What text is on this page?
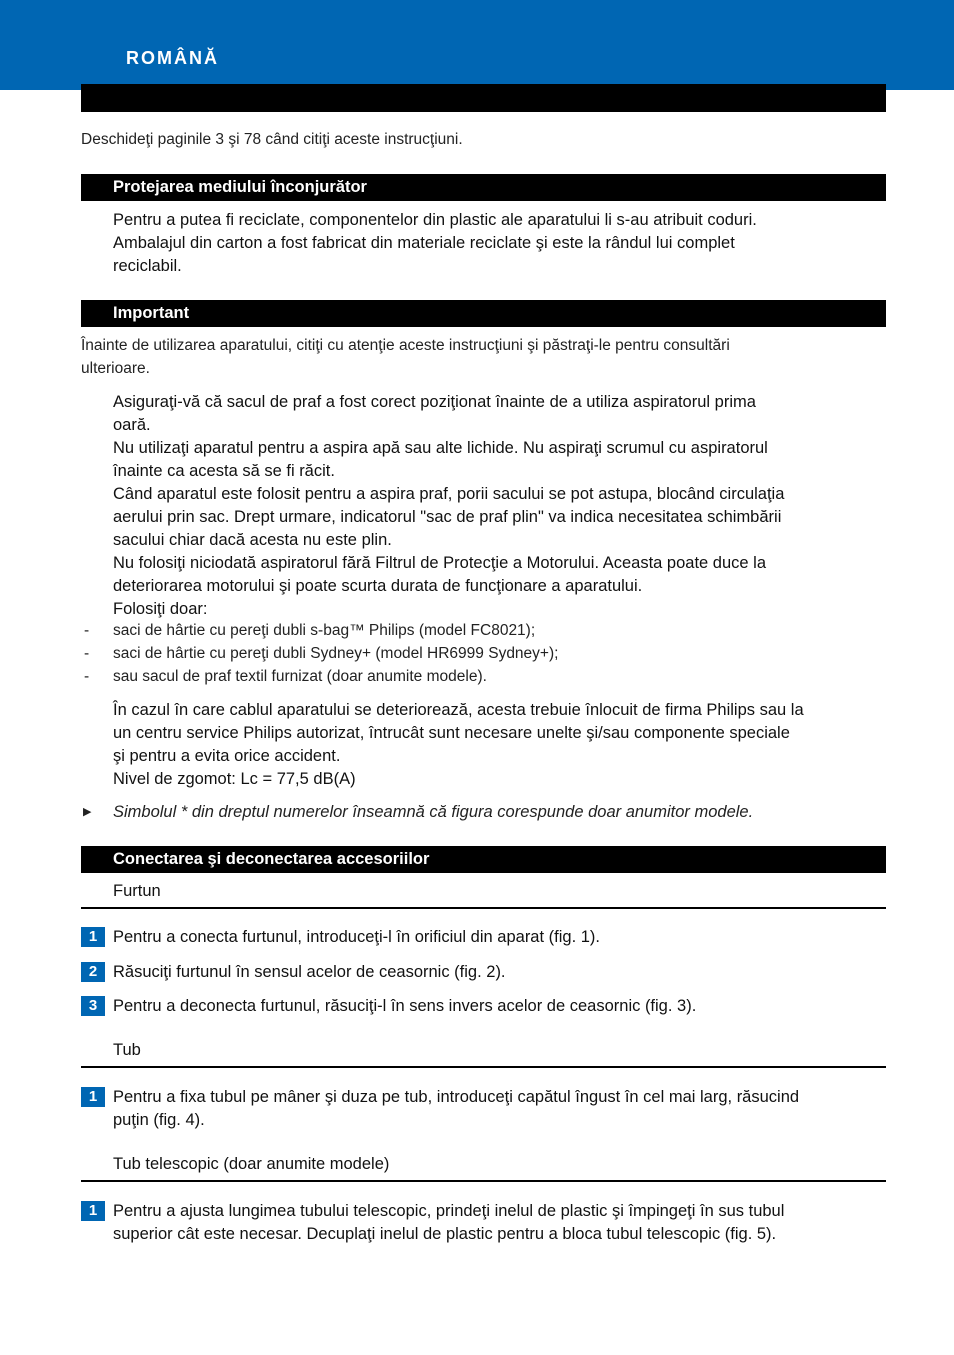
ROMÂNĂ
Deschideţi paginile 3 şi 78 când citiţi aceste instrucţiuni.
Protejarea mediului înconjurător

Pentru a putea fi reciclate, componentelor din plastic ale aparatului li s-au atribuit coduri.

Ambalajul din carton a fost fabricat din materiale reciclate şi este la rândul lui complet

reciclabil.

Important

Înainte de utilizarea aparatului, citiţi cu atenţie aceste instrucţiuni şi păstraţi-le pentru consultări

ulterioare.

Asiguraţi-vă că sacul de praf a fost corect poziţionat înainte de a utiliza aspiratorul prima

oară.

Nu utilizaţi aparatul pentru a aspira apă sau alte lichide. Nu aspiraţi scrumul cu aspiratorul

înainte ca acesta să se fi răcit.

Când aparatul este folosit pentru a aspira praf, porii sacului se pot astupa, blocând circulaţia

aerului prin sac. Drept urmare, indicatorul "sac de praf plin" va indica necesitatea schimbării

sacului chiar dacă acesta nu este plin.

Nu folosiţi niciodată aspiratorul fără Filtrul de Protecţie a Motorului. Aceasta poate duce la

deteriorarea motorului şi poate scurta durata de funcţionare a aparatului.

Folosiţi doar:

- saci de hârtie cu pereţi dubli s-bag™ Philips (model FC8021);
- saci de hârtie cu pereţi dubli Sydney+ (model HR6999 Sydney+);
- sau sacul de praf textil furnizat (doar anumite modele).

În cazul în care cablul aparatului se deteriorează, acesta trebuie înlocuit de firma Philips sau la

un centru service Philips autorizat, întrucât sunt necesare unelte şi/sau componente speciale

şi pentru a evita orice accident.

Nivel de zgomot: Lc = 77,5 dB(A)

▶	Simbolul * din dreptul numerelor înseamnă că figura corespunde doar anumitor modele.
Conectarea şi deconectarea accesoriilor
Furtun
1 Pentru a conecta furtunul, introduceţi-l în orificiul din aparat (fig. 1).
2 Răsuciţi furtunul în sensul acelor de ceasornic (fig. 2).
3 Pentru a deconecta furtunul, răsuciţi-l în sens invers acelor de ceasornic (fig. 3).
Tub
1 Pentru a fixa tubul pe mâner şi duza pe tub, introduceţi capătul îngust în cel mai larg, răsucind
puţin (fig. 4).
Tub telescopic (doar anumite modele)
1 Pentru a ajusta lungimea tubului telescopic, prindeţi inelul de plastic şi împingeţi în sus tubul
superior cât este necesar. Decuplaţi inelul de plastic pentru a bloca tubul telescopic (fig. 5).
